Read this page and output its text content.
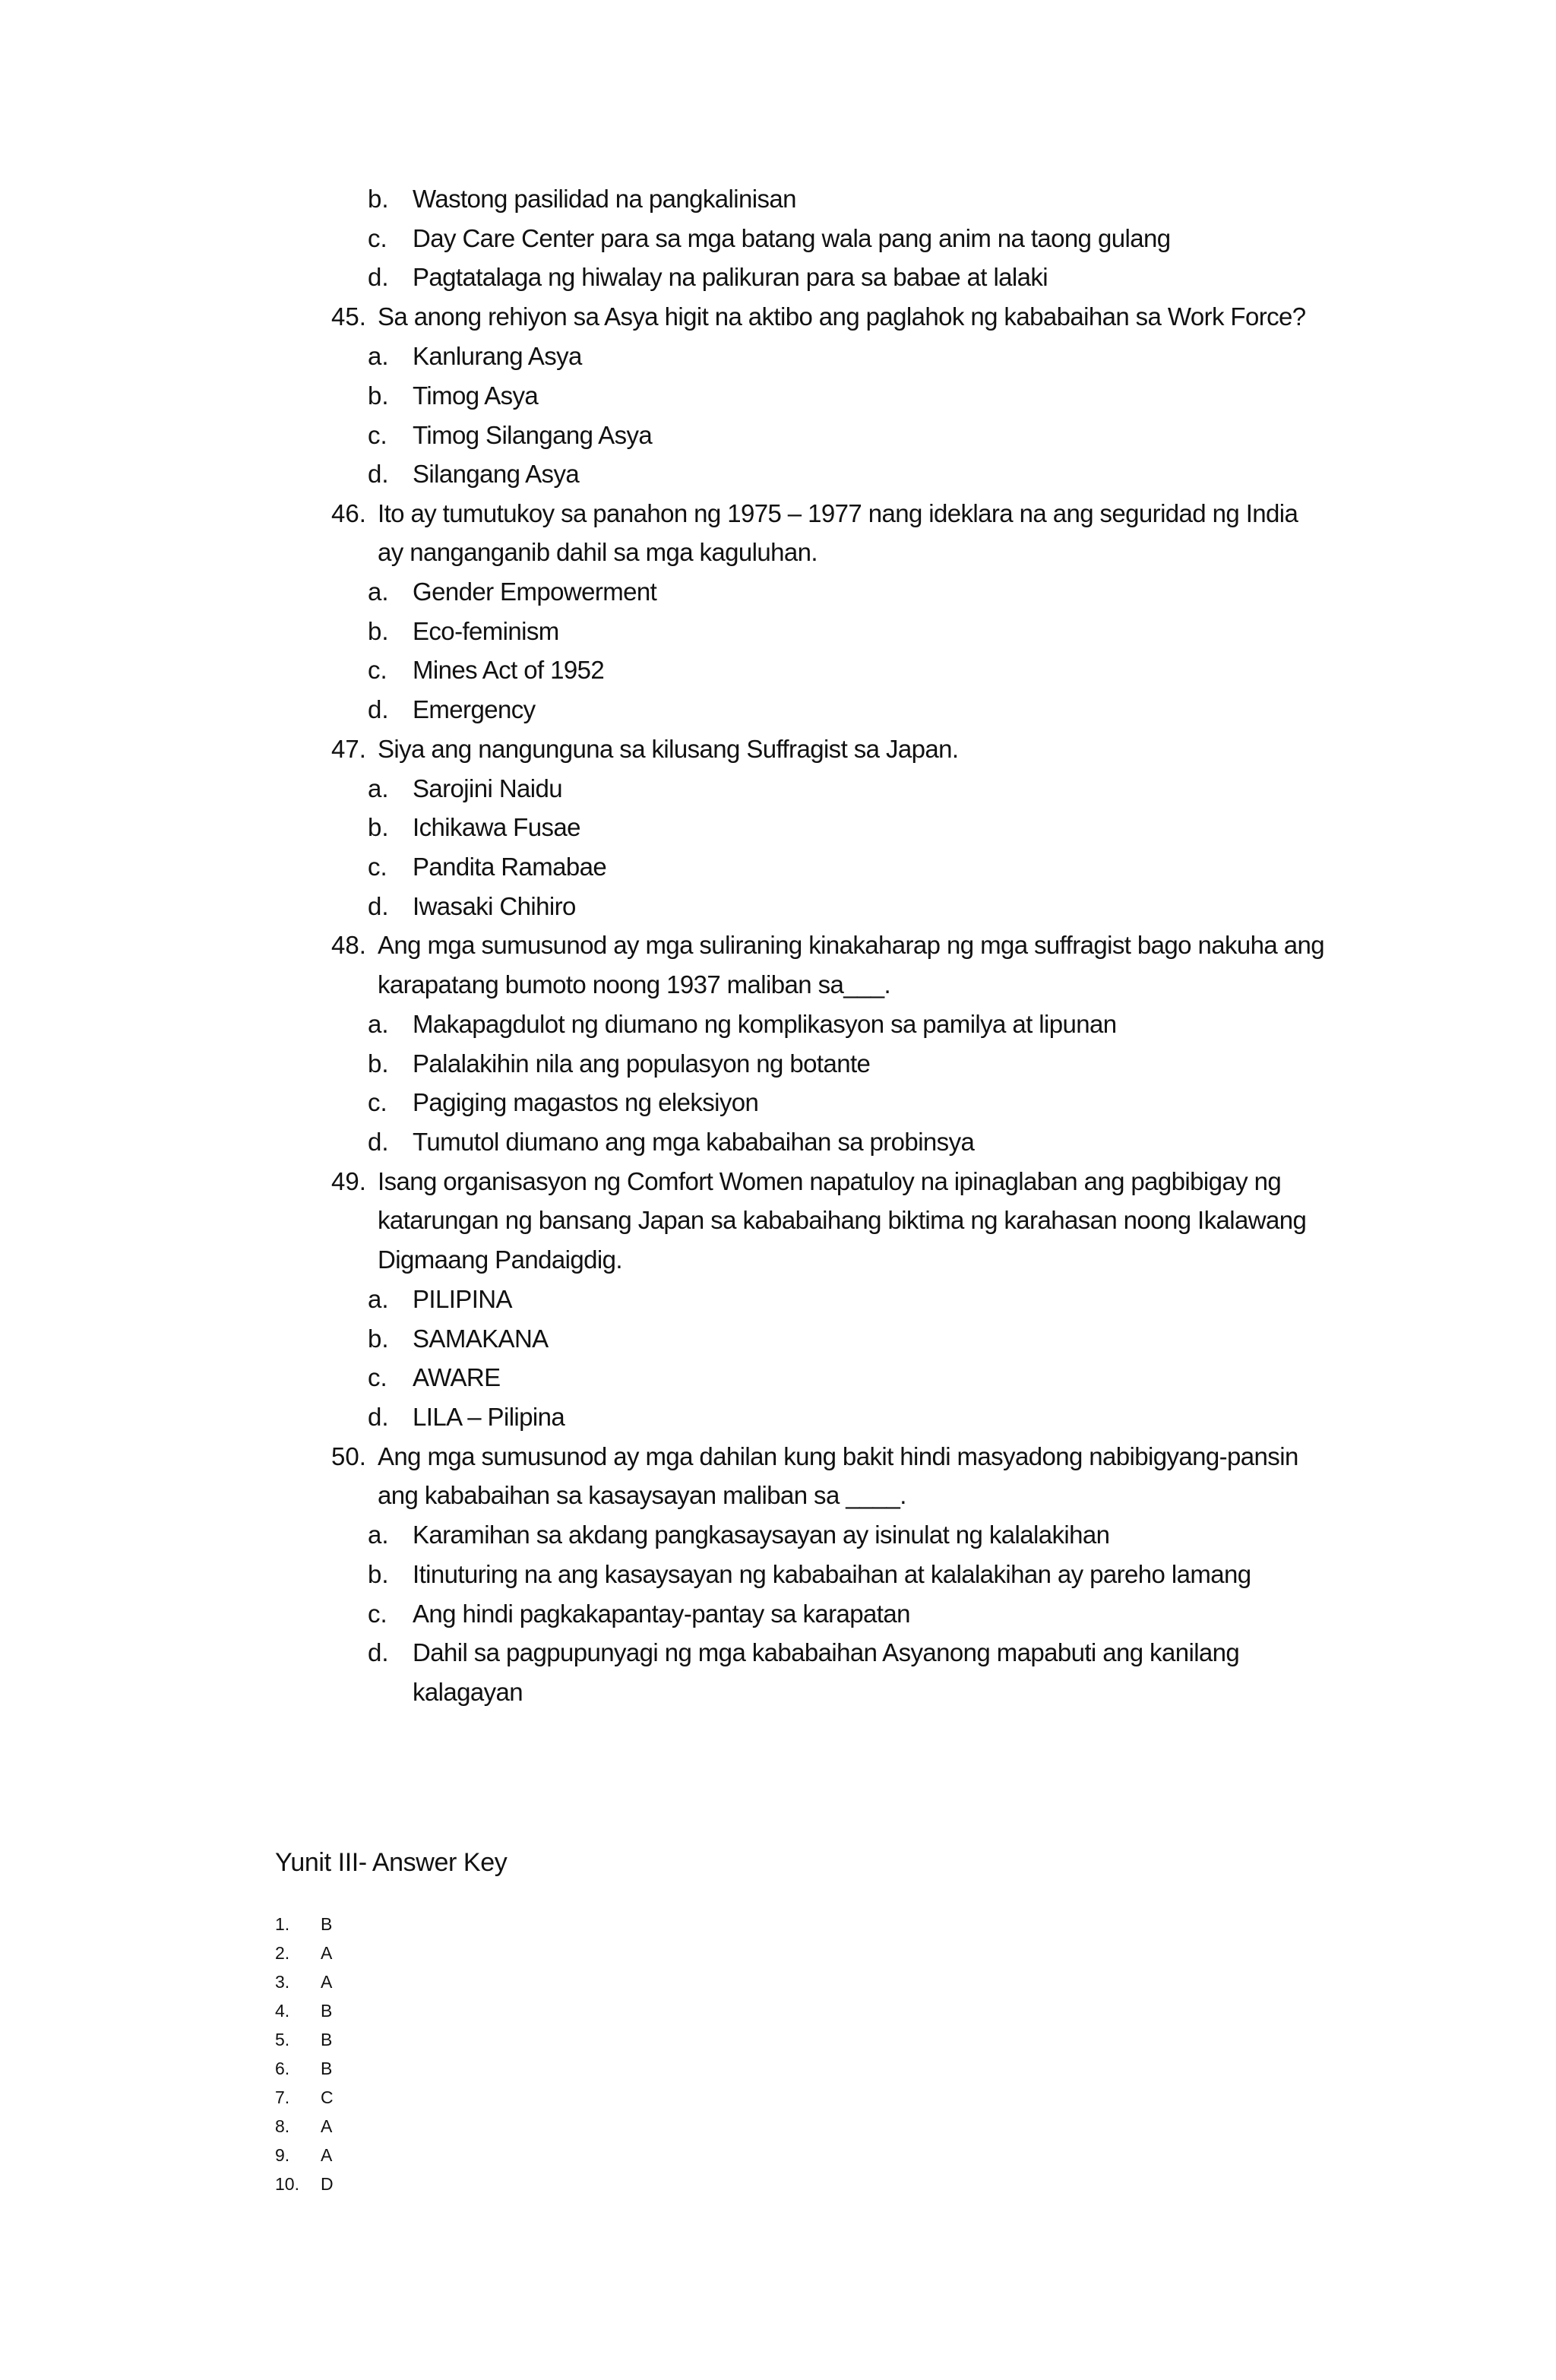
b. Wastong pasilidad na pangkalinisan
c. Day Care Center para sa mga batang wala pang anim na taong gulang
d. Pagtatalaga ng hiwalay na palikuran para sa babae at lalaki
45. Sa anong rehiyon sa Asya higit na aktibo ang paglahok ng kababaihan sa Work Force?
a. Kanlurang Asya
b. Timog Asya
c. Timog Silangang Asya
d. Silangang Asya
46. Ito ay tumutukoy sa panahon ng 1975 – 1977 nang ideklara na ang seguridad ng India
ay nanganganib dahil sa mga kaguluhan.
a. Gender Empowerment
b. Eco-feminism
c. Mines Act of 1952
d. Emergency
47. Siya ang nangunguna sa kilusang Suffragist sa Japan.
a. Sarojini Naidu
b. Ichikawa Fusae
c. Pandita Ramabae
d. Iwasaki Chihiro
48. Ang mga sumusunod ay mga suliraning kinakaharap ng mga suffragist bago nakuha ang
karapatang bumoto noong 1937 maliban sa___.
a. Makapagdulot ng diumano ng komplikasyon sa pamilya at lipunan
b. Palalakihin nila ang populasyon ng botante
c. Pagiging magastos ng eleksiyon
d. Tumutol diumano ang mga kababaihan sa probinsya
49. Isang organisasyon ng Comfort Women napatuloy na ipinaglaban ang pagbibigay ng
katarungan ng bansang Japan sa kababaihang biktima ng karahasan noong Ikalawang
Digmaang Pandaigdig.
a. PILIPINA
b. SAMAKANA
c. AWARE
d. LILA – Pilipina
50. Ang mga sumusunod ay mga dahilan kung bakit hindi masyadong nabibigyang-pansin
ang kababaihan sa kasaysayan maliban sa ____.
a. Karamihan sa akdang pangkasaysayan ay isinulat ng kalalakihan
b. Itinuturing na ang kasaysayan ng kababaihan at kalalakihan ay pareho lamang
c. Ang hindi pagkakapantay-pantay sa karapatan
d. Dahil sa pagpupunyagi ng mga kababaihan Asyanong mapabuti ang kanilang
kalagayan
Yunit III- Answer Key
1. B
2. A
3. A
4. B
5. B
6. B
7. C
8. A
9. A
10. D
